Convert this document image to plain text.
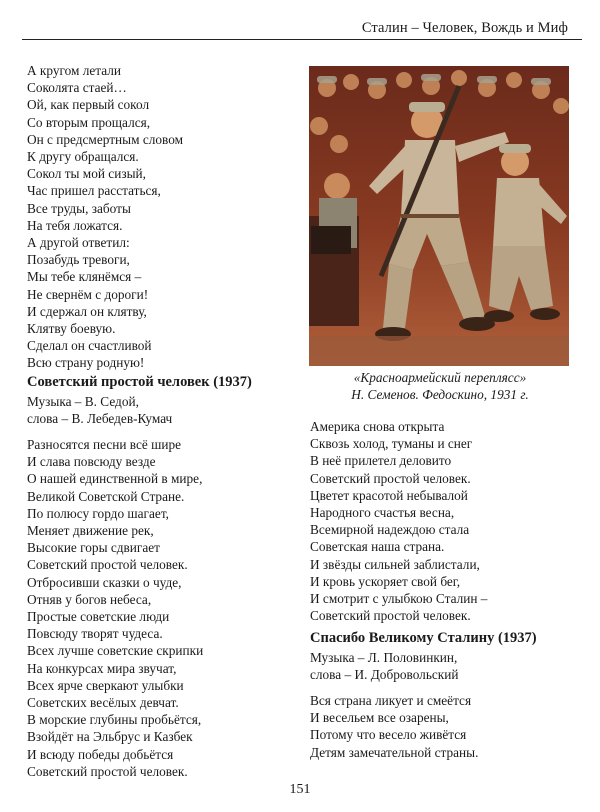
Сталин – Человек, Вождь и Миф
А кругом летали
Соколята стаей…
Ой, как первый сокол
Со вторым прощался,
Он с предсмертным словом
К другу обращался.
Сокол ты мой сизый,
Час пришел расстаться,
Все труды, заботы
На тебя ложатся.
А другой ответил:
Позабудь тревоги,
Мы тебе клянёмся –
Не свернём с дороги!
И сдержал он клятву,
Клятву боевую.
Сделал он счастливой
Всю страну родную!
Советский простой человек (1937)
Музыка – В. Седой,
слова – В. Лебедев-Кумач
Разносятся песни всё шире
И слава повсюду везде
О нашей единственной в мире,
Великой Советской Стране.
По полюсу гордо шагает,
Меняет движение рек,
Высокие горы сдвигает
Советский простой человек.
Отбросивши сказки о чуде,
Отняв у богов небеса,
Простые советские люди
Повсюду творят чудеса.
Всех лучше советские скрипки
На конкурсах мира звучат,
Всех ярче сверкают улыбки
Советских весёлых девчат.
В морские глубины пробьётся,
Взойдёт на Эльбрус и Казбек
И всюду победы добьётся
Советский простой человек.
«Красноармейский переплясс»
Н. Семенов. Федоскино, 1931 г.
Америка снова открыта
Сквозь холод, туманы и снег
В неё прилетел деловито
Советский простой человек.
Цветет красотой небывалой
Народного счастья весна,
Всемирной надеждою стала
Советская наша страна.
И звёзды сильней заблистали,
И кровь ускоряет свой бег,
И смотрит с улыбкою Сталин –
Советский простой человек.
Спасибо Великому Сталину (1937)
Музыка – Л. Половинкин,
слова – И. Добровольский
Вся страна ликует и смеётся
И весельем все озарены,
Потому что весело живётся
Детям замечательной страны.
151
